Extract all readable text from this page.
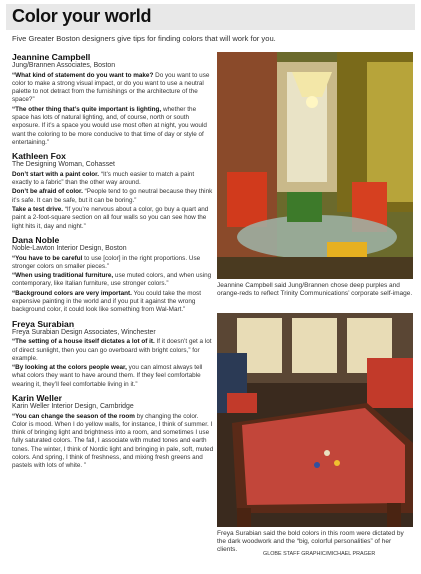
Color your world
Five Greater Boston designers give tips for finding colors that will work for you.
Jeannine Campbell
Jung/Brannen Associates, Boston

“What kind of statement do you want to make? Do you want to use color to make a strong visual impact, or do you want to use a neutral palette to not detract from the furnishings or the architecture of the space?”

“The other thing that’s quite important is lighting, whether the space has lots of natural lighting, and, of course, north or south exposure. If it’s a space you would use most often at night, you would want the coloring to be more conducive to that time of day or style of entertaining.”

Kathleen Fox
The Designing Woman, Cohasset

Don’t start with a paint color. “It’s much easier to match a paint exactly to a fabric” than the other way around.

Don’t be afraid of color. “People tend to go neutral because they think it’s safe. It can be safe, but it can be boring.”

Take a test drive. “If you’re nervous about a color, go buy a quart and paint a 2-foot-square section on all four walls so you can see how the light hits it, day and night.”

Dana Noble
Noble-Lawton Interior Design, Boston

“You have to be careful to use [color] in the right proportions. Use stronger colors on smaller pieces.”

“When using traditional furniture, use muted colors, and when using contemporary, like Italian furniture, use stronger colors.”

“Background colors are very important. You could take the most expensive painting in the world and if you put it against the wrong background color, it could look like something from Wal-Mart.”

Freya Surabian
Freya Surabian Design Associates, Winchester

“The setting of a house itself dictates a lot of it. If it doesn’t get a lot of direct sunlight, then you can go overboard with bright colors,” for example.

“By looking at the colors people wear, you can almost always tell what colors they want to have around them. If they feel comfortable wearing it, they’ll feel comfortable living in it.”

Karin Weller
Karin Weller Interior Design, Cambridge

“You can change the season of the room by changing the color. Color is mood. When I do yellow walls, for instance, I think of summer. I think of bringing light and brightness into a room, and sometimes I use fully saturated colors. The fall, I associate with muted tones and earth tones. The winter, I think of Nordic light and bringing in pale, soft, muted colors. And spring, I think of freshness, and mixing fresh greens and pastels with lots of white. ”

Jeannine Campbell said Jung/Brannen chose deep purples and orange-reds to reflect Trinity Communications’ corporate self-image.
Freya Surabian said the bold colors in this room were dictated by the dark woodwork and the “big, colorful personalities” of her clients.
GLOBE STAFF GRAPHIC/MICHAEL PRAGER
